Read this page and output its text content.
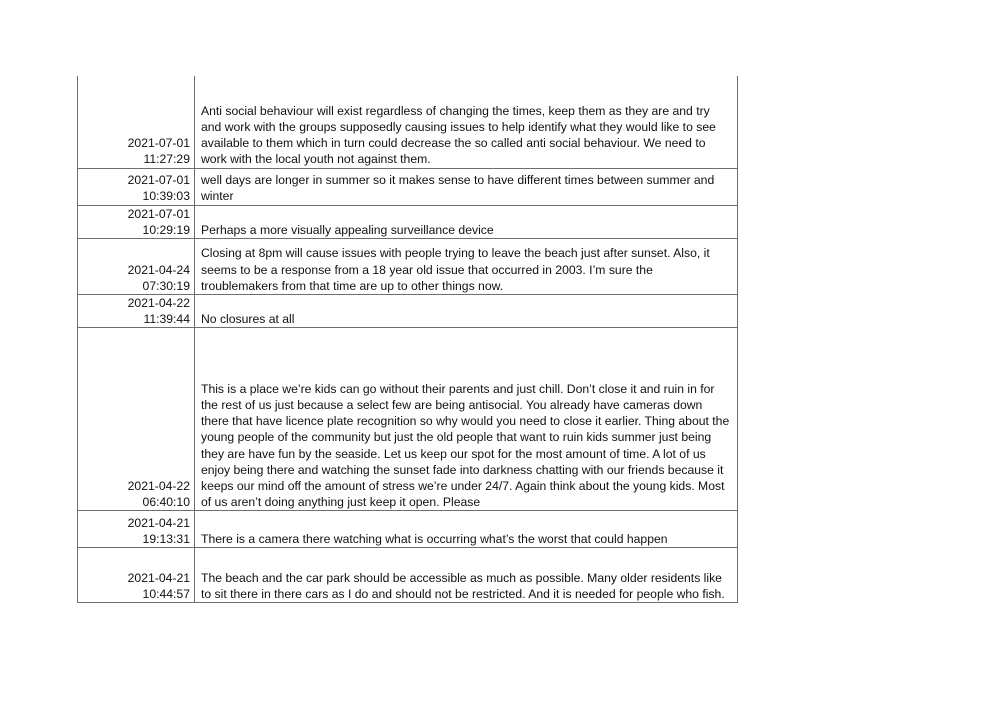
2021-07-01
11:27:29	Anti social behaviour will exist regardless of changing the times, keep them as they are and try and work with the groups supposedly causing issues to help identify what they would like to see available to them which in turn could decrease the so called anti social behaviour. We need to work with the local youth not against them.

2021-07-01
10:39:03	well days are longer in summer so it makes sense to have different times between summer and winter

2021-07-01
10:29:19	Perhaps a more visually appealing surveillance device

2021-04-24
07:30:19	Closing at 8pm will cause issues with people trying to leave the beach just after sunset. Also, it seems to be a response from a 18 year old issue that occurred in 2003. I’m sure the troublemakers from that time are up to other things now.

2021-04-22
11:39:44	No closures at all

2021-04-22
06:40:10	This is a place we’re kids can go without their parents and just chill. Don’t close it and ruin in for the rest of us just because a select few are being antisocial. You already have cameras down there that have licence plate recognition so why would you need to close it earlier. Thing about the young people of the community but just the old people that want to ruin kids summer just being they are have fun by the seaside. Let us keep our spot for the most amount of time. A lot of us enjoy being there and watching the sunset fade into darkness chatting with our friends because it keeps our mind off the amount of stress we’re under 24/7. Again think about the young kids. Most of us aren’t doing anything just keep it open. Please

2021-04-21
19:13:31	There is a camera there watching what is occurring what’s the worst that could happen

2021-04-21
10:44:57	The beach and the car park should be accessible as much as possible. Many older residents like to sit there in there cars as I do and should not be restricted. And it is needed for people who fish.
